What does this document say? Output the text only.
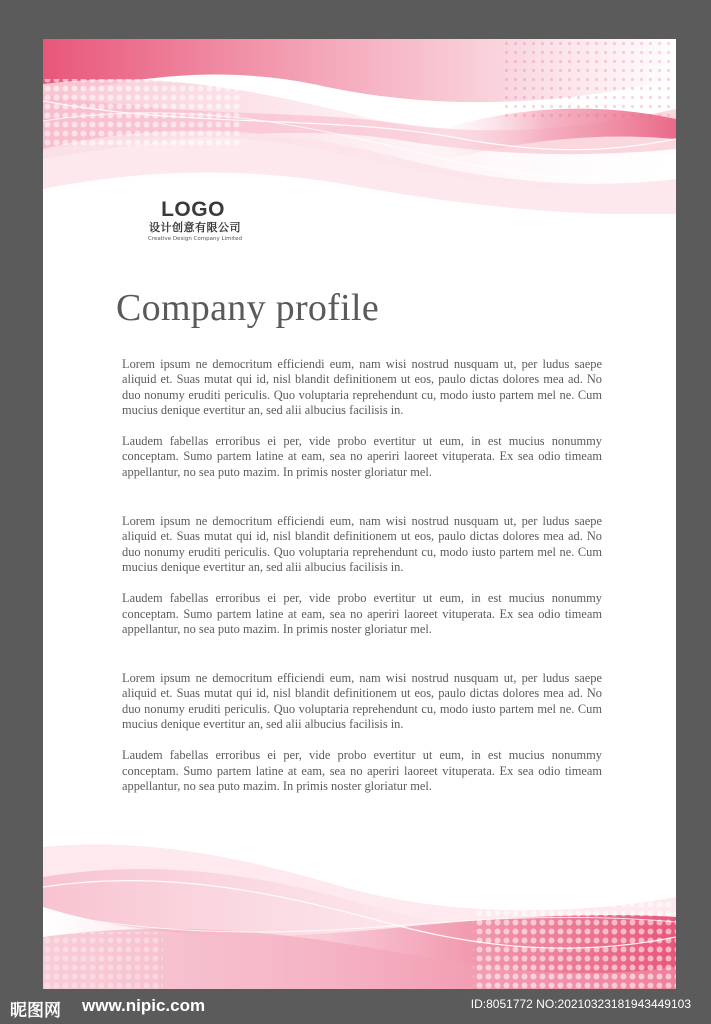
LOGO
设计创意有限公司
Creative Design Company Limited
Company profile

Lorem ipsum ne democritum efficiendi eum, nam wisi nostrud nusquam ut, per ludus saepe aliquid et. Suas mutat qui id, nisl blandit definitionem ut eos, paulo dictas dolores mea ad. No duo nonumy eruditi periculis. Quo voluptaria reprehendunt cu, modo iusto partem mel ne. Cum mucius denique evertitur an, sed alii albucius facilisis in.

Laudem fabellas erroribus ei per, vide probo evertitur ut eum, in est mucius nonummy conceptam. Sumo partem latine at eam, sea no aperiri laoreet vituperata. Ex sea odio timeam appellantur, no sea puto mazim. In primis noster gloriatur mel.

Lorem ipsum ne democritum efficiendi eum, nam wisi nostrud nusquam ut, per ludus saepe aliquid et. Suas mutat qui id, nisl blandit definitionem ut eos, paulo dictas dolores mea ad. No duo nonumy eruditi periculis. Quo voluptaria reprehendunt cu, modo iusto partem mel ne. Cum mucius denique evertitur an, sed alii albucius facilisis in.

Laudem fabellas erroribus ei per, vide probo evertitur ut eum, in est mucius nonummy conceptam. Sumo partem latine at eam, sea no aperiri laoreet vituperata. Ex sea odio timeam appellantur, no sea puto mazim. In primis noster gloriatur mel.

Lorem ipsum ne democritum efficiendi eum, nam wisi nostrud nusquam ut, per ludus saepe aliquid et. Suas mutat qui id, nisl blandit definitionem ut eos, paulo dictas dolores mea ad. No duo nonumy eruditi periculis. Quo voluptaria reprehendunt cu, modo iusto partem mel ne. Cum mucius denique evertitur an, sed alii albucius facilisis in.

Laudem fabellas erroribus ei per, vide probo evertitur ut eum, in est mucius nonummy conceptam. Sumo partem latine at eam, sea no aperiri laoreet vituperata. Ex sea odio timeam appellantur, no sea puto mazim. In primis noster gloriatur mel.

昵图网 www.nipic.com	ID:8051772 NO:20210323181943449103
